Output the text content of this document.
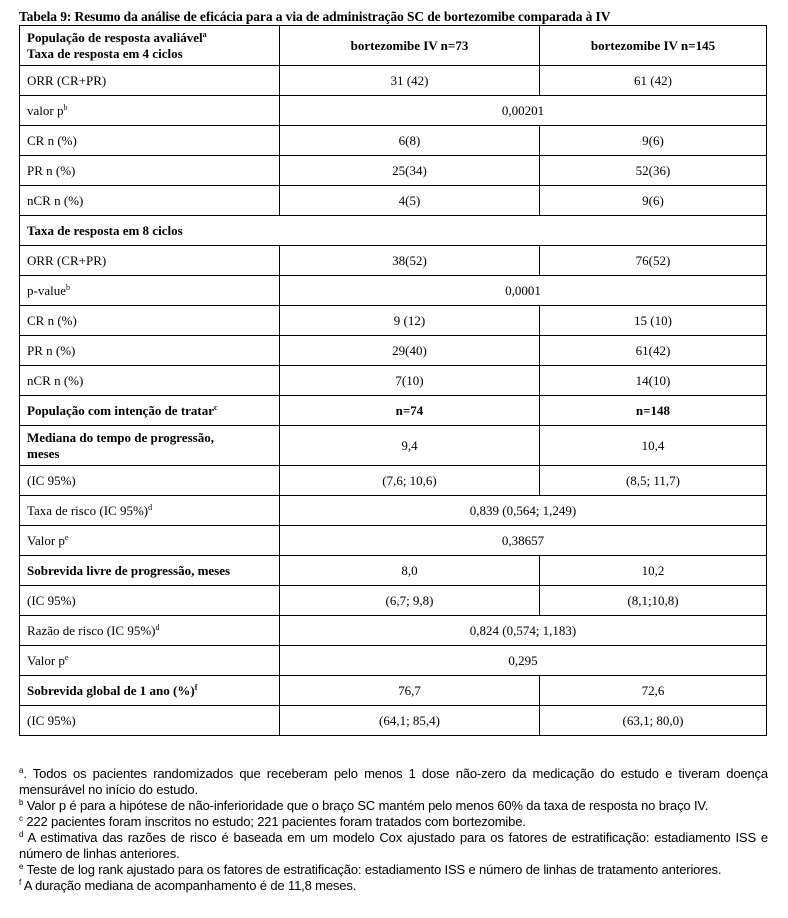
Tabela 9: Resumo da análise de eficácia para a via de administração SC de bortezomibe comparada à IV
População de resposta avaliável$^a$
Taxa de resposta em 4 ciclos	bortezomibe IV n=73	bortezomibe IV n=145
ORR (CR+PR)	31 (42)	61 (42)
valor $p^b$	0,00201	
CR n (%)	6(8)	9(6)
PR n (%)	25(34)	52(36)
nCR n (%)	4(5)	9(6)
Taxa de resposta em 8 ciclos		
ORR (CR+PR)	38(52)	76(52)
p-value$^b$	0,0001	
CR n (%)	9 (12)	15 (10)
PR n (%)	29(40)	61(42)
nCR n (%)	7(10)	14(10)
População com intenção de tratar$^c$	n=74	n=148
Mediana do tempo de progressão,
meses	9,4	10,4
(IC 95%)	(7,6; 10,6)	(8,5; 11,7)
Taxa de risco (IC 95%)$^d$	0,839 (0,564; 1,249)	
Valor $p^e$	0,38657	
Sobrevida livre de progressão, meses	8,0	10,2
(IC 95%)	(6,7; 9,8)	(8,1;10,8)
Razão de risco (IC 95%)$^d$	0,824 (0,574; 1,183)	
Valor $p^e$	0,295	
Sobrevida global de 1 ano (%)$^f$	76,7	72,6
(IC 95%)	(64,1; 85,4)	(63,1; 80,0)

$^a$. Todos os pacientes randomizados que receberam pelo menos 1 dose não-zero da medicação do estudo e tiveram doença mensurável no início do estudo.

$^b$ Valor p é para a hipótese de não-inferioridade que o braço SC mantém pelo menos 60% da taxa de resposta no braço IV.

$^c$ 222 pacientes foram inscritos no estudo; 221 pacientes foram tratados com bortezomibe.

$^d$ A estimativa das razões de risco é baseada em um modelo Cox ajustado para os fatores de estratificação: estadiamento ISS e número de linhas anteriores.

$^e$ Teste de log rank ajustado para os fatores de estratificação: estadiamento ISS e número de linhas de tratamento anteriores.

$^f$ A duração mediana de acompanhamento é de 11,8 meses.
